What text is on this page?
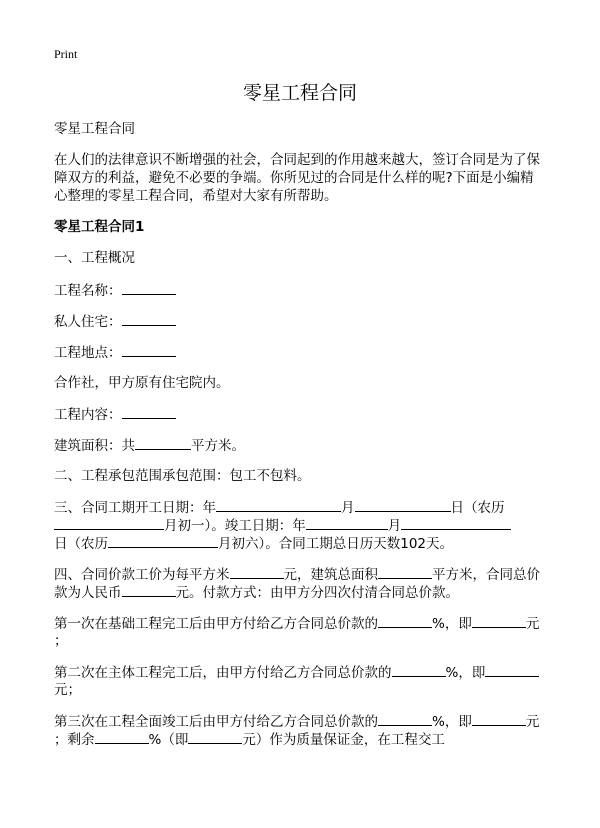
Print
零星工程合同
零星工程合同
在人们的法律意识不断增强的社会，合同起到的作用越来越大，签订合同是为了保
障双方的利益，避免不必要的争端。你所见过的合同是什么样的呢?下面是小编精
心整理的零星工程合同，希望对大家有所帮助。
零星工程合同1
一、工程概况
工程名称：
私人住宅：
工程地点：
合作社，甲方原有住宅院内。
工程内容：
建筑面积：共	平方米。
二、工程承包范围承包范围：包工不包料。
三、合同工期开工日期：年	月	日（农历
月初一）。竣工日期：年	月
日（农历	月初六）。合同工期总日历天数102天。
四、合同价款工价为每平方米	元，建筑总面积	平方米，合同总价
款为人民币	元。付款方式：由甲方分四次付清合同总价款。
第一次在基础工程完工后由甲方付给乙方合同总价款的	%，即	元
；
第二次在主体工程完工后，由甲方付给乙方合同总价款的	%，即
元；
第三次在工程全面竣工后由甲方付给乙方合同总价款的	%，即	元
；剩余	%（即	元）作为质量保证金，在工程交工
